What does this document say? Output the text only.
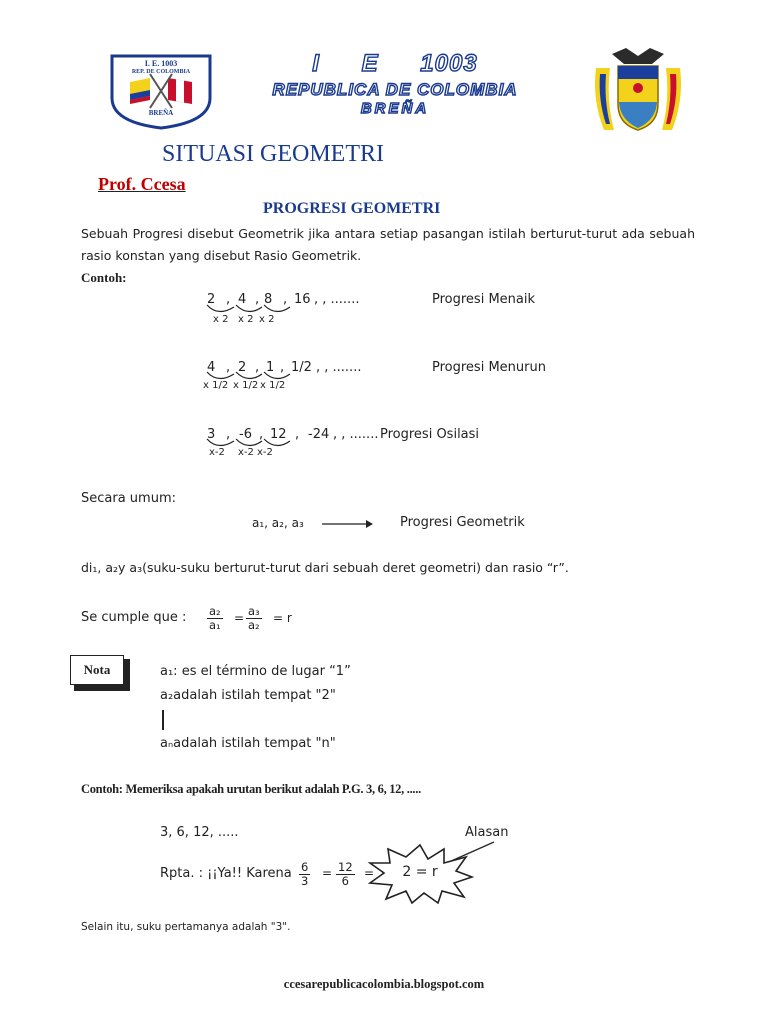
I. E. 1003
REP. DE COLOMBIA
BREÑA
I E 1003
REPUBLICA DE COLOMBIA
BREÑA
SITUASI GEOMETRI
Prof. Ccesa
PROGRESI GEOMETRI
Sebuah Progresi disebut Geometrik jika antara setiap pasangan istilah berturut-turut ada sebuah rasio konstan yang disebut Rasio Geometrik.
Contoh:
2 , 4 , 8 , 16 , , .......
x 2 x 2 x 2
Progresi Menaik
4 , 2 , 1 , 1/2 , , .......
x 1/2 x 1/2 x 1/2
Progresi Menurun
3 , -6 , 12 , -24 , , .......
x-2 x-2 x-2
Progresi Osilasi
Secara umum:
a₁, a₂, a₃	Progresi Geometrik
di₁, a₂y a₃(suku-suku berturut-turut dari sebuah deret geometri) dan rasio “r”.
Se cumple que : $\frac{\text{a₂}}{\text{a₁}} = \frac{\text{a₃}}{\text{a₂}} = r$
Nota	a₁: es el término de lugar “1”
a₂adalah istilah tempat "2"
aₙadalah istilah tempat "n"
Contoh: Memeriksa apakah urutan berikut adalah P.G. 3, 6, 12, .....
3, 6, 12, .....	Alasan
Rpta. : ¡¡Ya!! Karena $\frac{6}{3} = \frac{12}{6}$ =	2 = r
Selain itu, suku pertamanya adalah "3".
ccesarepublicacolombia.blogspot.com
